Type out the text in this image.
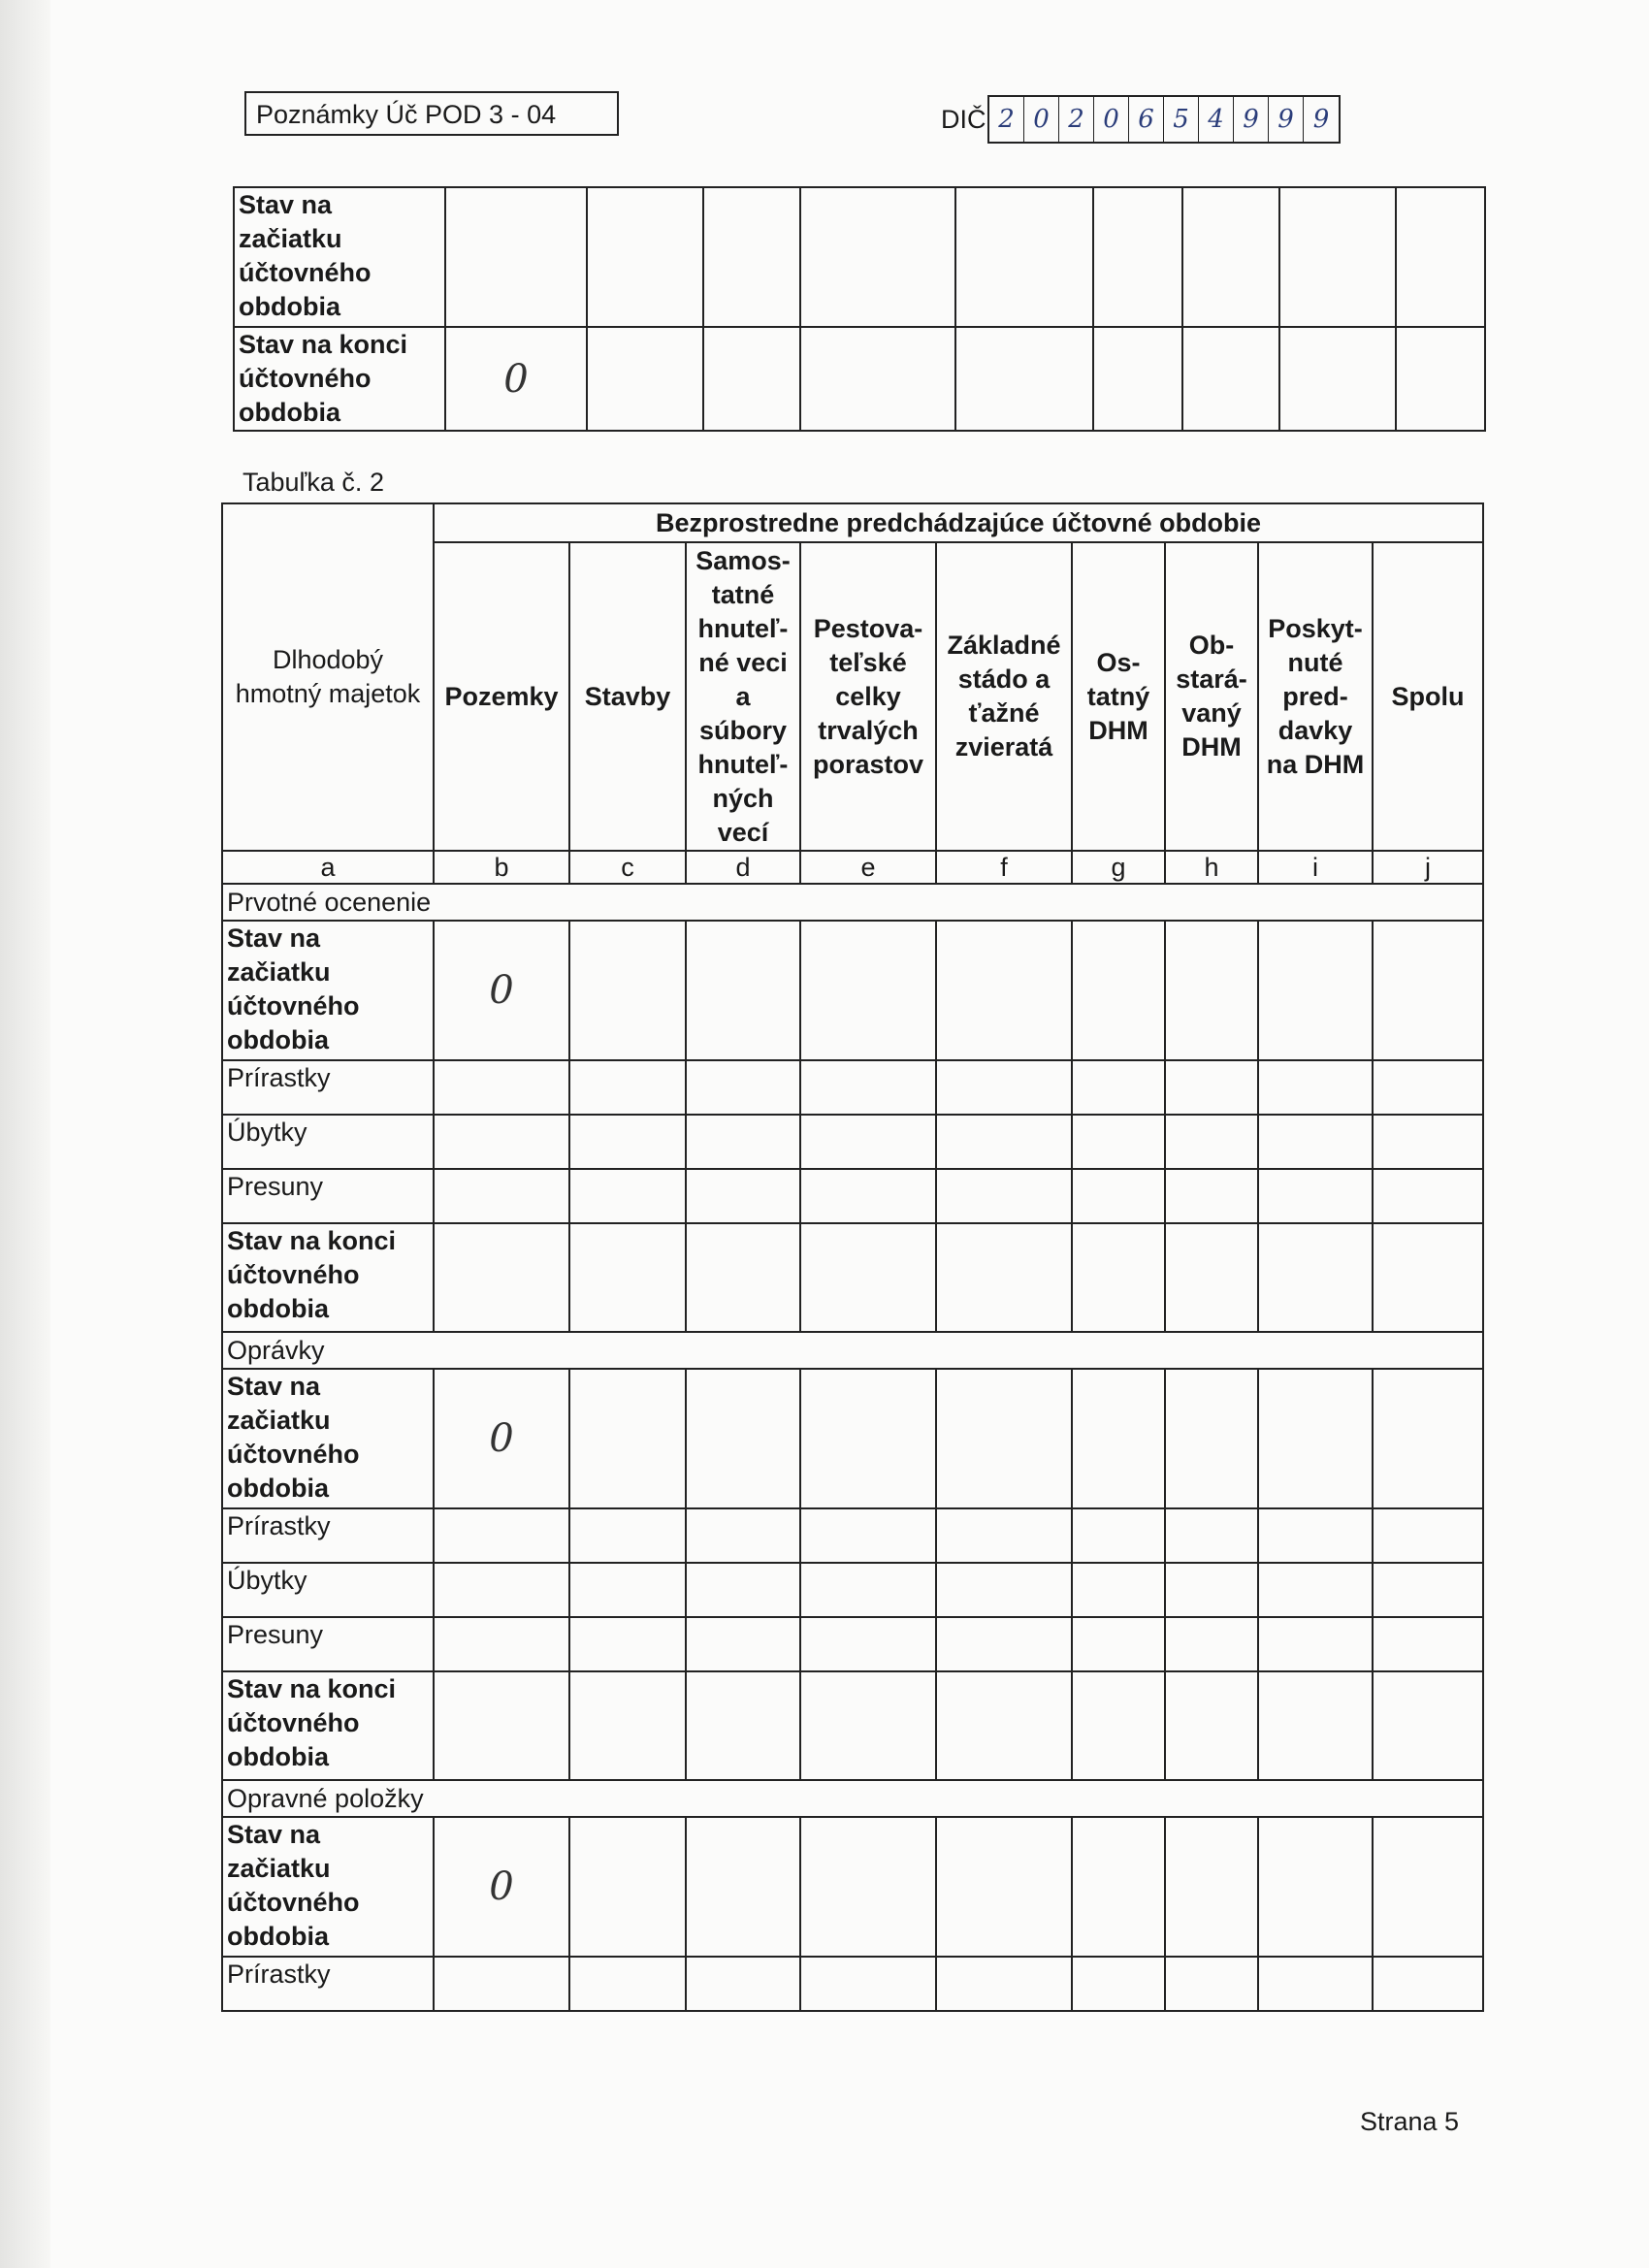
Poznámky Úč POD 3 - 04	DIČ 2 0 2 0 6 5 4 9 9 9
Stav na začiatku účtovného obdobia									
Stav na konci účtovného obdobia	0								
Tabuľka č. 2
Dlhodobý hmotný majetok	Bezprostredne predchádzajúce účtovné obdobie								
	Pozemky	Stavby	Samos-tatné hnuteľ-né veci a súbory hnuteľ-ných vecí	Pestova-teľské celky trvalých porastov	Základné stádo a ťažné zvieratá	Os-tatný DHM	Ob-stará-vaný DHM	Poskyt-nuté pred-davky na DHM	Spolu
a	b	c	d	e	f	g	h	i	j
Prvotné ocenenie									
Stav na začiatku účtovného obdobia	0								
Prírastky									
Úbytky									
Presuny									
Stav na konci účtovného obdobia									
Oprávky									
Stav na začiatku účtovného obdobia	0								
Prírastky									
Úbytky									
Presuny									
Stav na konci účtovného obdobia									
Opravné položky									
Stav na začiatku účtovného obdobia	0								
Prírastky									
Strana 5
